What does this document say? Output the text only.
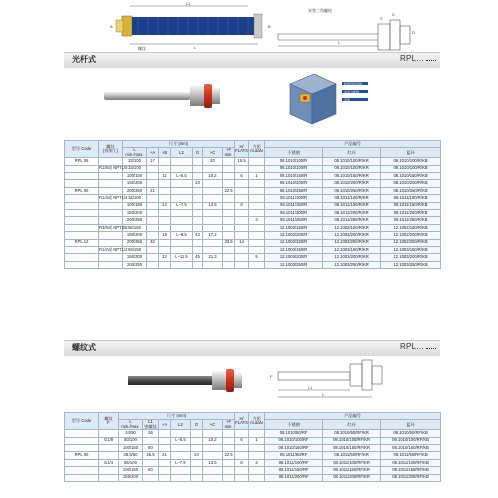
L2
L
A	B
螺纹
L
安装三角螺栓
C
D
S
光杆式	RPL...
防损到第形物
温度分配物
温度
型号 Code	螺纹
(待加工)	尺寸 (mm)							H/
FLATS	力矩
m.daN	产品编号		
		L
min./max.	+A	+B	L2	G	+C	+F
min.			不锈钢	红环	蓝环
RPL 06		33/100	17				20		18.5		06.1010/100/R	06.1010/100/R/KR	06.1010/100/R/KB
	R1/8或 NPT1/8	33/100									08.1010/100/R	08.1010/100/R/KR	08.1010/100/R/KB
		100/150		11	L–5.5		10.2		6	1	08.1010/150/R	08.1010/150/R/KR	08.1010/150/R/KB
		150/200				23					08.1010/200/R	08.1010/200/R/KR	08.1010/200/R/KB
RPL 08		200/250	21					22.5			08.1010/250/R	08.1010/250/R/KR	08.1010/250/R/KB
	R1/4或 NPT1/4	34/100									08.1011/100/R	08.1011/100/R/KR	08.1011/100/R/KB
		100/150		14	L–7.5		13.5		8		08.1011/150/R	08.1011/150/R/KR	08.1011/150/R/KB
		150/200									08.1011/200/R	08.1011/200/R/KR	08.1011/200/R/KB
		200/250								3	08.1011/250/R	08.1011/250/R/KR	08.1011/250/R/KB
	R3/8或 NPT3/8	56/150									12.1002/150/R	12.1002/150/R/KR	12.1002/150/R/KB
		150/200		18	L–8.5	43	17.2				12.1002/200/R	12.1002/200/R/KR	12.1002/200/R/KB
RPL 12		200/250	32					33.5	14		12.1002/250/R	12.1002/250/R/KR	12.1002/250/R/KB
	R1/2或 NPT1/2	59/150									12.1003/150/R	12.1003/150/R/KR	12.1003/150/R/KB
		150/200		22	L–11.5	45	21.3			5	12.1003/200/R	12.1003/200/R/KR	12.1003/200/R/KB
		200/250									12.1003/250/R	12.1003/250/R/KR	12.1003/250/R/KB
螺纹式	RPL...
L1
L
F
型号 Code	螺纹
F	尺寸 (mm)							H/
FLATS	力矩
m.daN	产品编号		
		L
min./max.	L1
密螺纹	+A	L2	G	+C	+F
min.			不锈钢	红环	蓝环
		34/50	26								08.1010/50/RF	08.1010/50/RF/KR	08.1010/50/RF/KB
	G1/8	50/100			L–5.5		10.2		6	1	08.1010/100/RF	08.1010/100/RF/KR	08.1010/100/RF/KB
		100/150	60								08.1010/150/RF	08.1010/150/RF/KR	08.1010/150/RF/KB
RPL 08		38.5/50	26.5	21		23		22.5			08.1011/50/RF	08.1011/50/RF/KR	08.1011/50/RF/KB
	G1/4	55/100			L–7.5		13.5		8	3	08.1011/100/RF	08.1011/100/RF/KR	08.1011/100/RF/KB
		100/150	60								08.1011/150/RF	08.1011/150/RF/KR	08.1011/150/RF/KB
		155/200									08.1011/200/RF	08.1011/200/RF/KR	08.1011/200/RF/KB
